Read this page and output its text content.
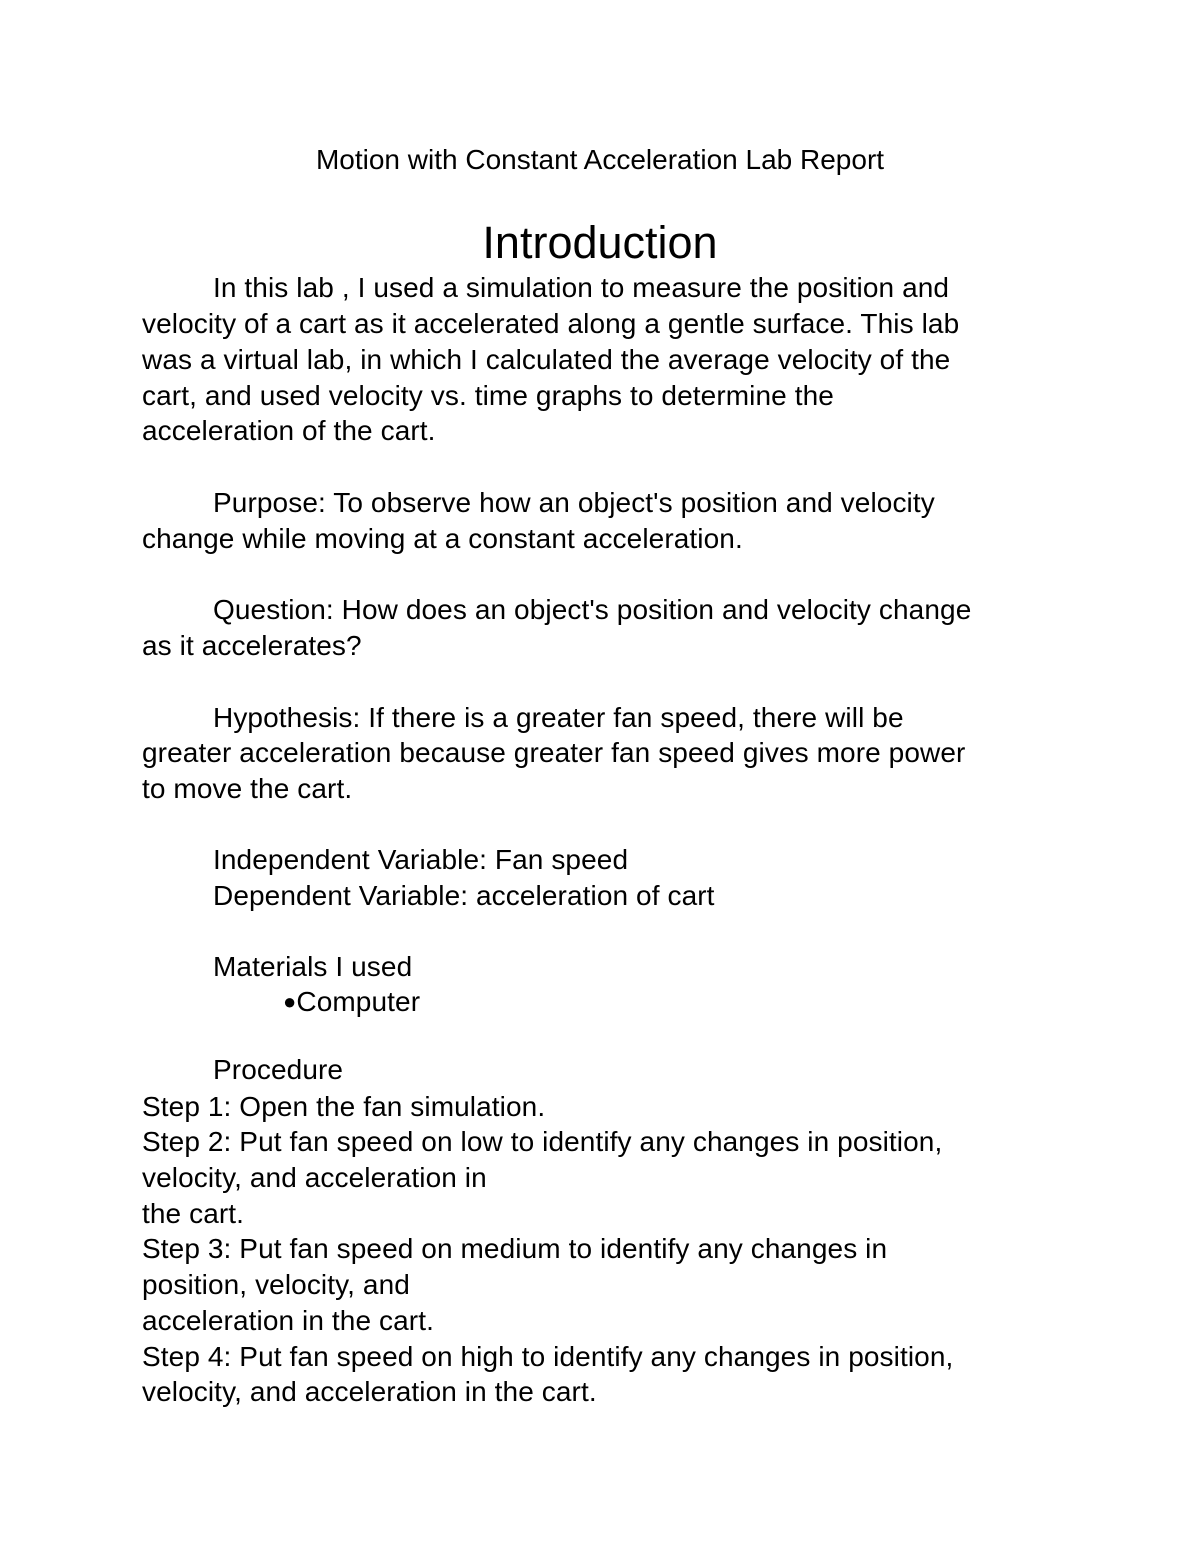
Motion with Constant Acceleration Lab Report
Introduction
In this lab , I used a simulation to measure the position and
velocity of a cart as it accelerated along a gentle surface. This lab
was a virtual lab, in which I calculated the average velocity of the
cart, and used velocity vs. time graphs to determine the
acceleration of the cart.
Purpose: To observe how an object's position and velocity
change while moving at a constant acceleration.
Question: How does an object's position and velocity change
as it accelerates?
Hypothesis: If there is a greater fan speed, there will be
greater acceleration because greater fan speed gives more power
to move the cart.
Independent Variable: Fan speed
Dependent Variable: acceleration of cart
Materials I used
●Computer
Procedure
Step 1: Open the fan simulation.
Step 2: Put fan speed on low to identify any changes in position,
velocity, and acceleration in
the cart.
Step 3: Put fan speed on medium to identify any changes in
position, velocity, and
acceleration in the cart.
Step 4: Put fan speed on high to identify any changes in position,
velocity, and acceleration in the cart.
